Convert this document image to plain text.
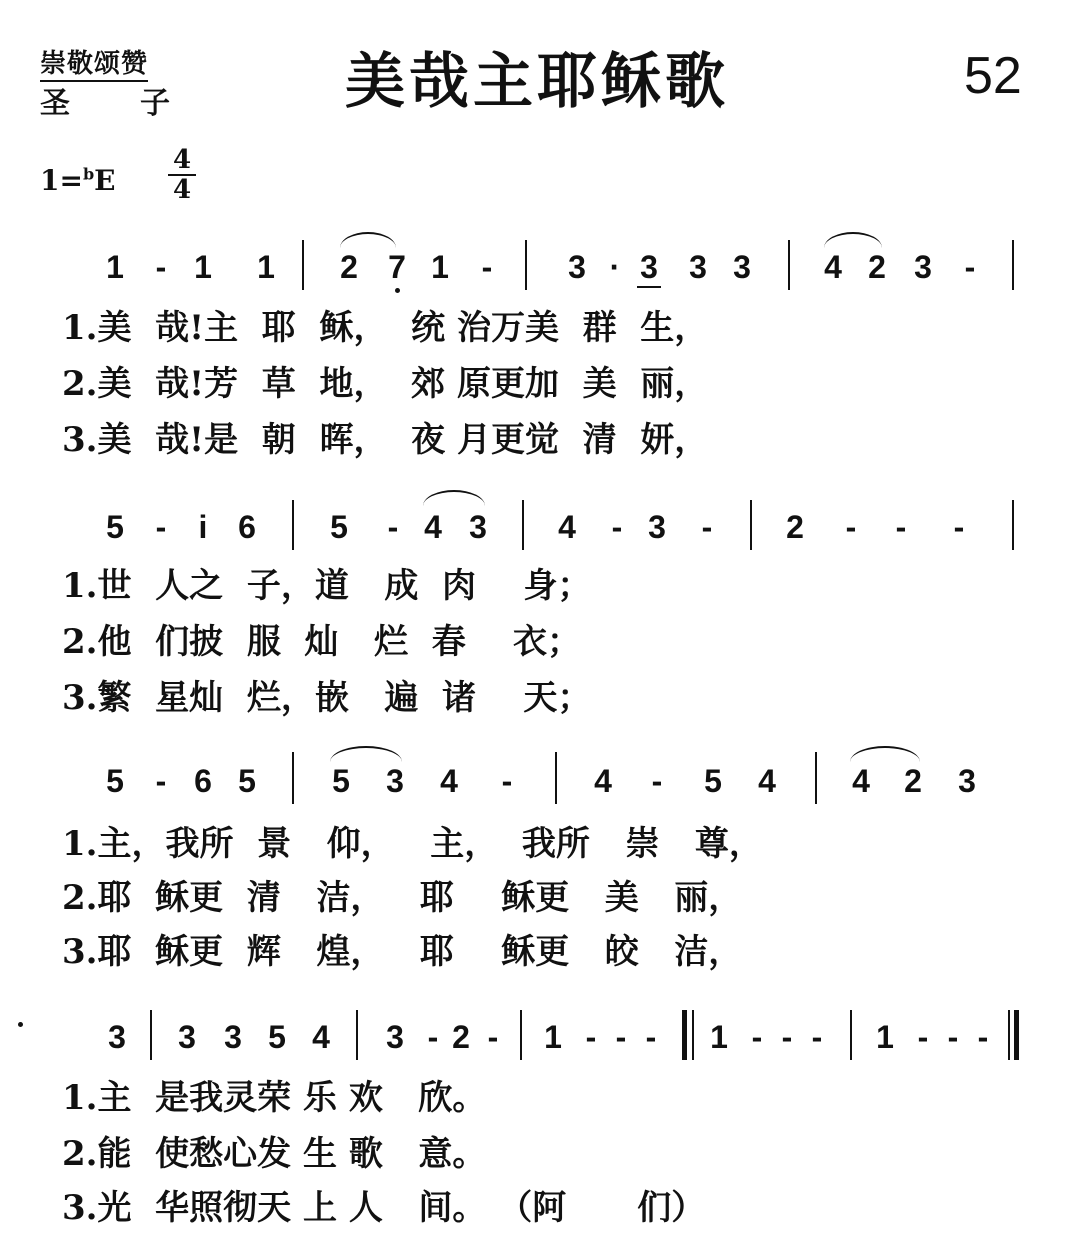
崇敬颂赞
圣子 美哉主耶稣歌	52
$1=^bE \frac{4}{4}$
1 - 1 1 2 7 1	-	3 · 3 3 3 4 2 3	-
1.美  哉!主  耶  稣，  统 治万美  群  生，
2.美  哉!芳  草  地，  郊 原更加  美  丽，
3.美  哉!是  朝  晖，  夜 月更觉  清  妍，
5 -	i 6 5	- 4 3 4	- 3	-	2	-	-	-
1.世  人之  子，道   成  肉    身；
2.他  们披  服  灿   烂  春    衣；
3.繁  星灿  烂，嵌   遍  诸    天；
5 - 6 5 5 3 4	-	4	-	5 4 4 2 3
1.主，我所  景   仰，   主，  我所   崇   尊，
2.耶  稣更  清   洁，   耶    稣更   美   丽，
3.耶  稣更  辉   煌，   耶    稣更   皎   洁，
3 3 3 5 4 3 - 2 -	1 - - -	1 - - -	1 - - -
1.主  是我灵荣 乐 欢   欣。
2.能  使愁心发 生 歌   意。
3.光  华照彻天 上 人   间。 （阿      们）
